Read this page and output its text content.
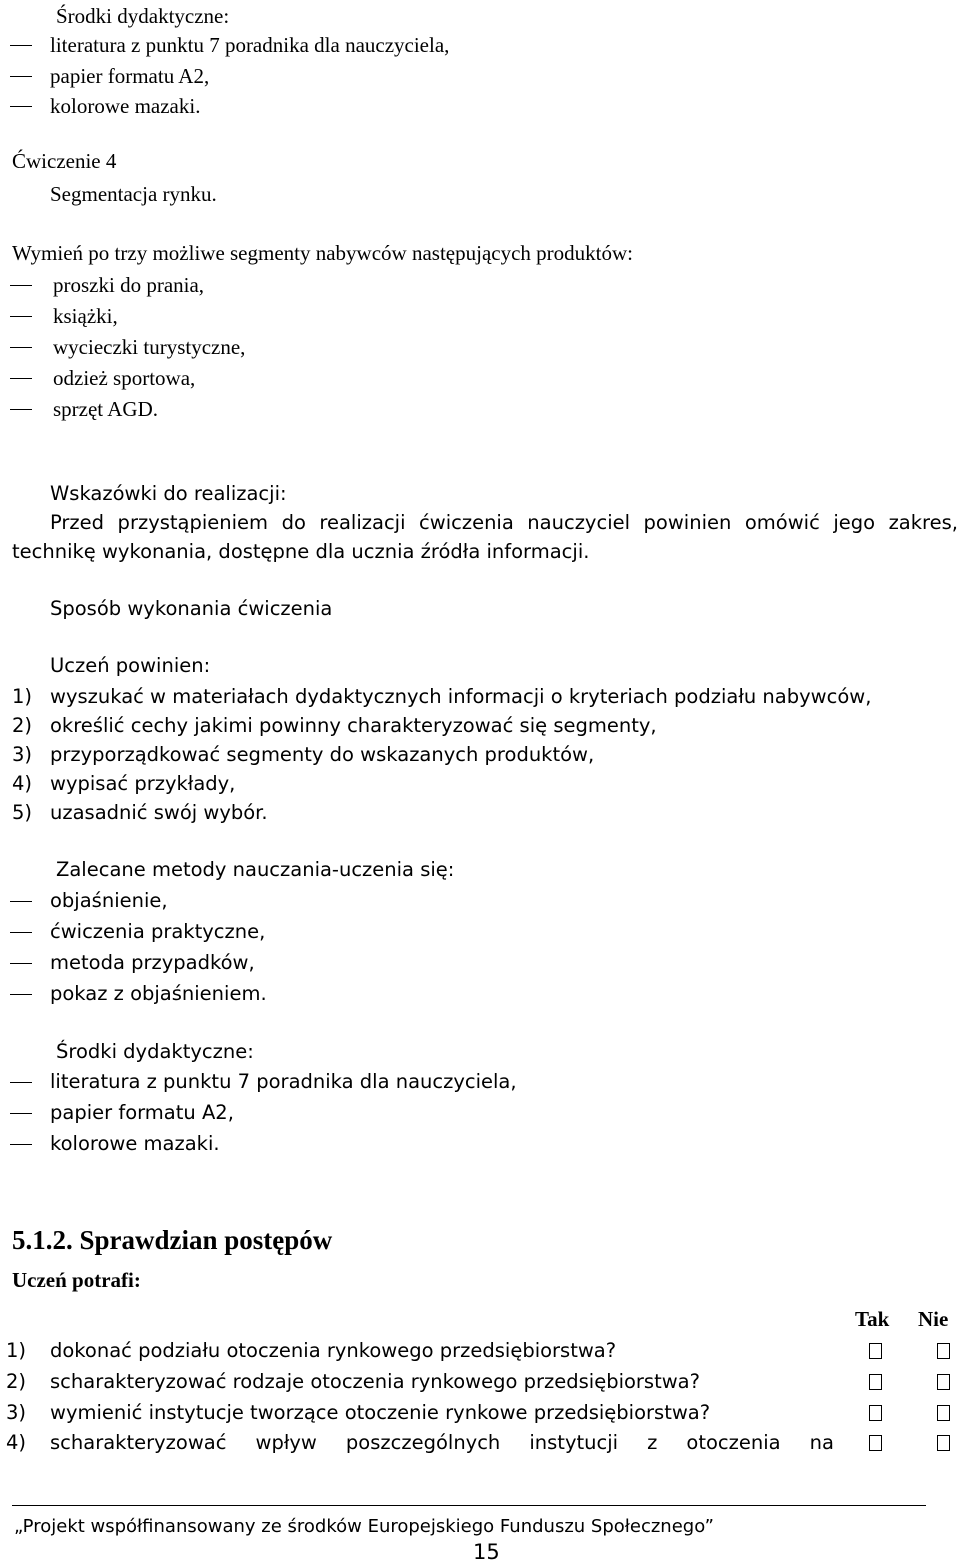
Środki dydaktyczne:
literatura z punktu 7 poradnika dla nauczyciela,
papier formatu A2,
kolorowe mazaki.
Ćwiczenie 4
Segmentacja rynku.
Wymień po trzy możliwe segmenty nabywców następujących produktów:
proszki do prania,
książki,
wycieczki turystyczne,
odzież sportowa,
sprzęt AGD.
Wskazówki do realizacji:
Przed przystąpieniem do realizacji ćwiczenia nauczyciel powinien omówić jego zakres,
technikę wykonania, dostępne dla ucznia źródła informacji.
Sposób wykonania ćwiczenia
Uczeń powinien:
1) wyszukać w materiałach dydaktycznych informacji o kryteriach podziału nabywców,
2) określić cechy jakimi powinny charakteryzować się segmenty,
3) przyporządkować segmenty do wskazanych produktów,
4) wypisać przykłady,
5) uzasadnić swój wybór.
Zalecane metody nauczania-uczenia się:
objaśnienie,
ćwiczenia praktyczne,
metoda przypadków,
pokaz z objaśnieniem.
Środki dydaktyczne:
literatura z punktu 7 poradnika dla nauczyciela,
papier formatu A2,
kolorowe mazaki.
5.1.2. Sprawdzian postępów
Uczeń potrafi:
Tak Nie
1) dokonać podziału otoczenia rynkowego przedsiębiorstwa?
2) scharakteryzować rodzaje otoczenia rynkowego przedsiębiorstwa?
3) wymienić instytucje tworzące otoczenie rynkowe przedsiębiorstwa?
4) scharakteryzować wpływ poszczególnych instytucji z otoczenia na
„Projekt współfinansowany ze środków Europejskiego Funduszu Społecznego”
15
